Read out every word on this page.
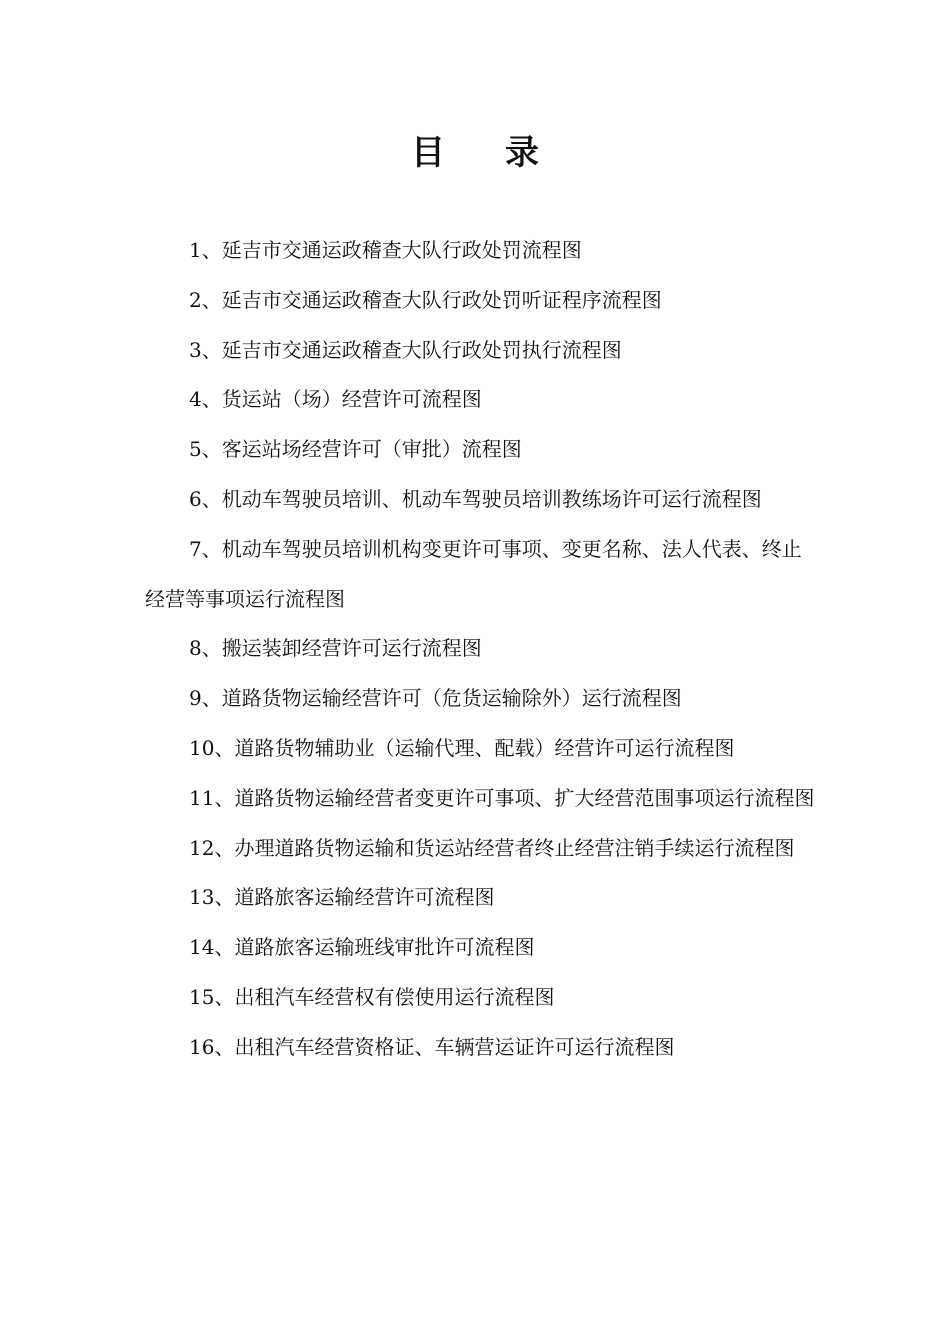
目 录
1、延吉市交通运政稽查大队行政处罚流程图
2、延吉市交通运政稽查大队行政处罚听证程序流程图
3、延吉市交通运政稽查大队行政处罚执行流程图
4、货运站（场）经营许可流程图
5、客运站场经营许可（审批）流程图
6、机动车驾驶员培训、机动车驾驶员培训教练场许可运行流程图
7、机动车驾驶员培训机构变更许可事项、变更名称、法人代表、终止经营等事项运行流程图
8、搬运装卸经营许可运行流程图
9、道路货物运输经营许可（危货运输除外）运行流程图
10、道路货物辅助业（运输代理、配载）经营许可运行流程图
11、道路货物运输经营者变更许可事项、扩大经营范围事项运行流程图
12、办理道路货物运输和货运站经营者终止经营注销手续运行流程图
13、道路旅客运输经营许可流程图
14、道路旅客运输班线审批许可流程图
15、出租汽车经营权有偿使用运行流程图
16、出租汽车经营资格证、车辆营运证许可运行流程图
